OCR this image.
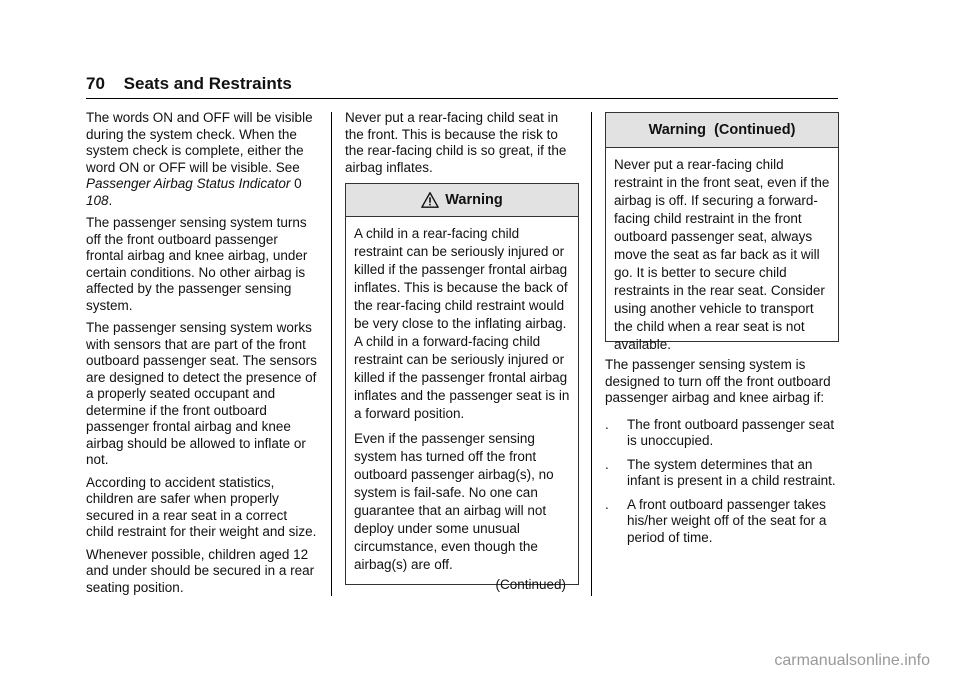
70 Seats and Restraints

The words ON and OFF will be visible during the system check. When the system check is complete, either the word ON or OFF will be visible. See Passenger Airbag Status Indicator 0 108.

The passenger sensing system turns off the front outboard passenger frontal airbag and knee airbag, under certain conditions. No other airbag is affected by the passenger sensing system.

The passenger sensing system works with sensors that are part of the front outboard passenger seat. The sensors are designed to detect the presence of a properly seated occupant and determine if the front outboard passenger frontal airbag and knee airbag should be allowed to inflate or not.

According to accident statistics, children are safer when properly secured in a rear seat in a correct child restraint for their weight and size.

Whenever possible, children aged 12 and under should be secured in a rear seating position.

Never put a rear-facing child seat in the front. This is because the risk to the rear-facing child is so great, if the airbag inflates.

Warning

A child in a rear-facing child restraint can be seriously injured or killed if the passenger frontal airbag inflates. This is because the back of the rear-facing child restraint would be very close to the inflating airbag. A child in a forward-facing child restraint can be seriously injured or killed if the passenger frontal airbag inflates and the passenger seat is in a forward position.

Even if the passenger sensing system has turned off the front outboard passenger airbag(s), no system is fail-safe. No one can guarantee that an airbag will not deploy under some unusual circumstance, even though the airbag(s) are off.

(Continued)
Warning  (Continued)

Never put a rear-facing child restraint in the front seat, even if the airbag is off. If securing a forward-facing child restraint in the front outboard passenger seat, always move the seat as far back as it will go. It is better to secure child restraints in the rear seat. Consider using another vehicle to transport the child when a rear seat is not available.

The passenger sensing system is designed to turn off the front outboard passenger airbag and knee airbag if:

. The front outboard passenger seat is unoccupied.
. The system determines that an infant is present in a child restraint.
. A front outboard passenger takes his/her weight off of the seat for a period of time.
carmanualsonline.info
